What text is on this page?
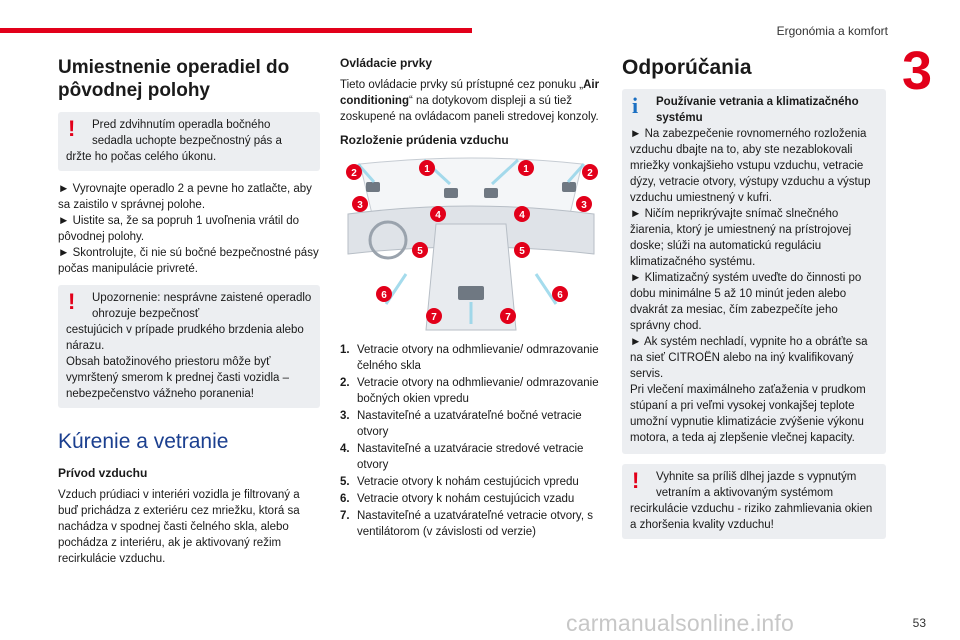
Ergonómia a komfort
3
Umiestnenie operadiel do pôvodnej polohy
!	Pred zdvihnutím operadla bočného sedadla uchopte bezpečnostný pás a
držte ho počas celého úkonu.

► Vyrovnajte operadlo 2 a pevne ho zatlačte, aby sa zaistilo v správnej polohe.

► Uistite sa, že sa popruh 1 uvoľnenia vrátil do pôvodnej polohy.

► Skontrolujte, či nie sú bočné bezpečnostné pásy počas manipulácie privreté.

!	Upozornenie: nesprávne zaistené operadlo ohrozuje bezpečnosť
cestujúcich v prípade prudkého brzdenia alebo nárazu.
Obsah batožinového priestoru môže byť vymrštený smerom k prednej časti vozidla – nebezpečenstvo vážneho poranenia!
Kúrenie a vetranie
Prívod vzduchu

Vzduch prúdiaci v interiéri vozidla je filtrovaný a buď prichádza z exteriéru cez mriežku, ktorá sa nachádza v spodnej časti čelného skla, alebo pochádza z interiéru, ak je aktivovaný režim recirkulácie vzduchu.

Ovládacie prvky

Tieto ovládacie prvky sú prístupné cez ponuku „Air conditioning“ na dotykovom displeji a sú tiež zoskupené na ovládacom paneli stredovej konzoly.

Rozloženie prúdenia vzduchu
1	1
2	2
3	3
4	4
5	5
6	6
7	7
1. Vetracie otvory na odhmlievanie/ odmrazovanie čelného skla
2. Vetracie otvory na odhmlievanie/ odmrazovanie bočných okien vpredu
3. Nastaviteľné a uzatvárateľné bočné vetracie otvory
4. Nastaviteľné a uzatváracie stredové vetracie otvory
5. Vetracie otvory k nohám cestujúcich vpredu
6. Vetracie otvory k nohám cestujúcich vzadu
7. Nastaviteľné a uzatvárateľné vetracie otvory, s ventilátorom (v závislosti od verzie)
Odporúčania
i	Používanie vetrania a klimatizačného systému
► Na zabezpečenie rovnomerného rozloženia vzduchu dbajte na to, aby ste nezablokovali mriežky vonkajšieho vstupu vzduchu, vetracie dýzy, vetracie otvory, výstupy vzduchu a výstup vzduchu umiestnený v kufri.
► Ničím neprikrývajte snímač slnečného žiarenia, ktorý je umiestnený na prístrojovej doske; slúži na automatickú reguláciu klimatizačného systému.
► Klimatizačný systém uveďte do činnosti po dobu minimálne 5 až 10 minút jeden alebo dvakrát za mesiac, čím zabezpečíte jeho správny chod.
► Ak systém nechladí, vypnite ho a obráťte sa na sieť CITROËN alebo na iný kvalifikovaný servis.
Pri vlečení maximálneho zaťaženia v prudkom stúpaní a pri veľmi vysokej vonkajšej teplote umožní vypnutie klimatizácie zvýšenie výkonu motora, a teda aj zlepšenie vlečnej kapacity.
!	Vyhnite sa príliš dlhej jazde s vypnutým vetraním a aktivovaným systémom
recirkulácie vzduchu - riziko zahmlievania okien a zhoršenia kvality vzduchu!
carmanualsonline.info	53
